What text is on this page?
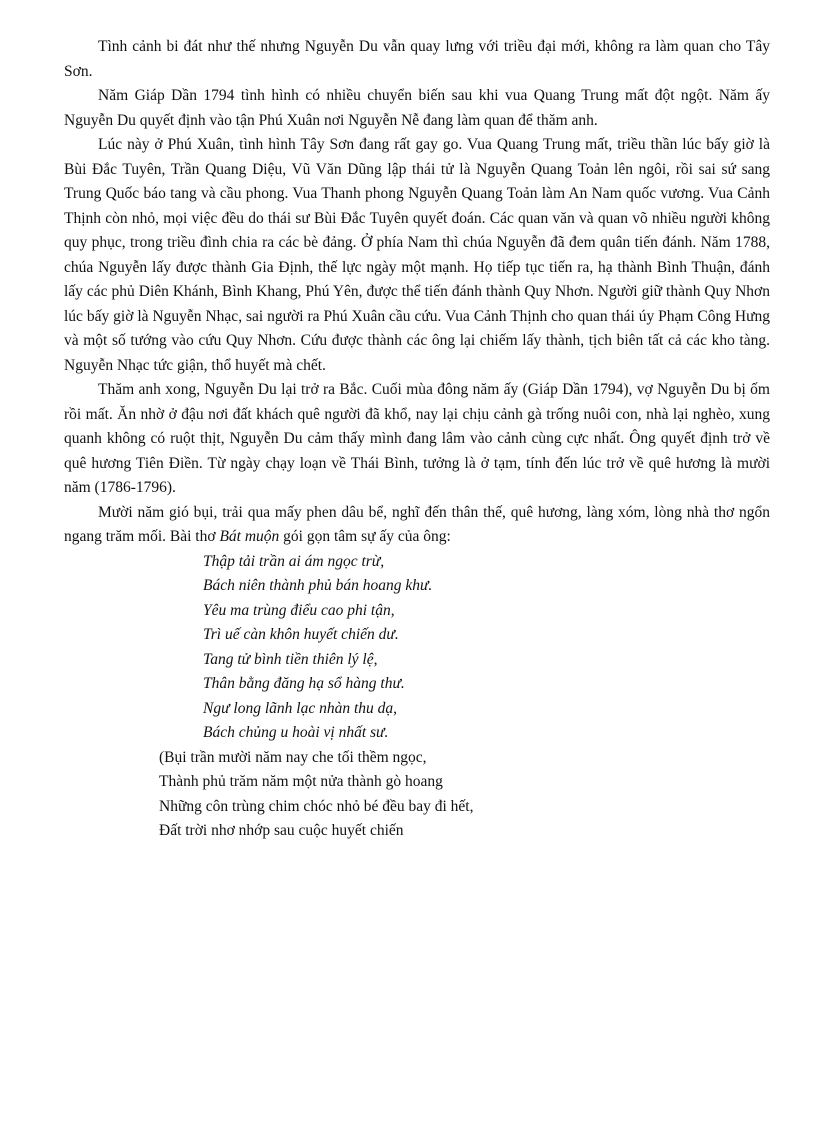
Tình cảnh bi đát như thế nhưng Nguyễn Du vẫn quay lưng với triều đại mới, không ra làm quan cho Tây Sơn.

Năm Giáp Dần 1794 tình hình có nhiều chuyển biến sau khi vua Quang Trung mất đột ngột. Năm ấy Nguyễn Du quyết định vào tận Phú Xuân nơi Nguyễn Nễ đang làm quan để thăm anh.

Lúc này ở Phú Xuân, tình hình Tây Sơn đang rất gay go. Vua Quang Trung mất, triều thần lúc bấy giờ là Bùi Đắc Tuyên, Trần Quang Diệu, Vũ Văn Dũng lập thái tử là Nguyễn Quang Toản lên ngôi, rồi sai sứ sang Trung Quốc báo tang và cầu phong. Vua Thanh phong Nguyễn Quang Toản làm An Nam quốc vương. Vua Cảnh Thịnh còn nhỏ, mọi việc đều do thái sư Bùi Đắc Tuyên quyết đoán. Các quan văn và quan võ nhiều người không quy phục, trong triều đình chia ra các bè đảng. Ở phía Nam thì chúa Nguyễn đã đem quân tiến đánh. Năm 1788, chúa Nguyễn lấy được thành Gia Định, thế lực ngày một mạnh. Họ tiếp tục tiến ra, hạ thành Bình Thuận, đánh lấy các phủ Diên Khánh, Bình Khang, Phú Yên, được thể tiến đánh thành Quy Nhơn. Người giữ thành Quy Nhơn lúc bấy giờ là Nguyễn Nhạc, sai người ra Phú Xuân cầu cứu. Vua Cảnh Thịnh cho quan thái úy Phạm Công Hưng và một số tướng vào cứu Quy Nhơn. Cứu được thành các ông lại chiếm lấy thành, tịch biên tất cả các kho tàng. Nguyễn Nhạc tức giận, thổ huyết mà chết.

Thăm anh xong, Nguyễn Du lại trở ra Bắc. Cuối mùa đông năm ấy (Giáp Dần 1794), vợ Nguyễn Du bị ốm rồi mất. Ăn nhờ ở đậu nơi đất khách quê người đã khổ, nay lại chịu cảnh gà trống nuôi con, nhà lại nghèo, xung quanh không có ruột thịt, Nguyễn Du cảm thấy mình đang lâm vào cảnh cùng cực nhất. Ông quyết định trở về quê hương Tiên Điền. Từ ngày chạy loạn về Thái Bình, tưởng là ở tạm, tính đến lúc trở về quê hương là mười năm (1786-1796).

Mười năm gió bụi, trải qua mấy phen dâu bể, nghĩ đến thân thế, quê hương, làng xóm, lòng nhà thơ ngổn ngang trăm mối. Bài thơ Bát muộn gói gọn tâm sự ấy của ông:

Thập tải trần ai ám ngọc trừ,
Bách niên thành phủ bán hoang khư.
Yêu ma trùng điểu cao phi tận,
Trì uế càn khôn huyết chiến dư.
Tang tử bình tiền thiên lý lệ,
Thân bằng đăng hạ sổ hàng thư.
Ngư long lãnh lạc nhàn thu dạ,
Bách chủng u hoài vị nhất sư.
(Bụi trần mười năm nay che tối thềm ngọc,
Thành phủ trăm năm một nửa thành gò hoang
Những côn trùng chim chóc nhỏ bé đều bay đi hết,
Đất trời nhơ nhớp sau cuộc huyết chiến
